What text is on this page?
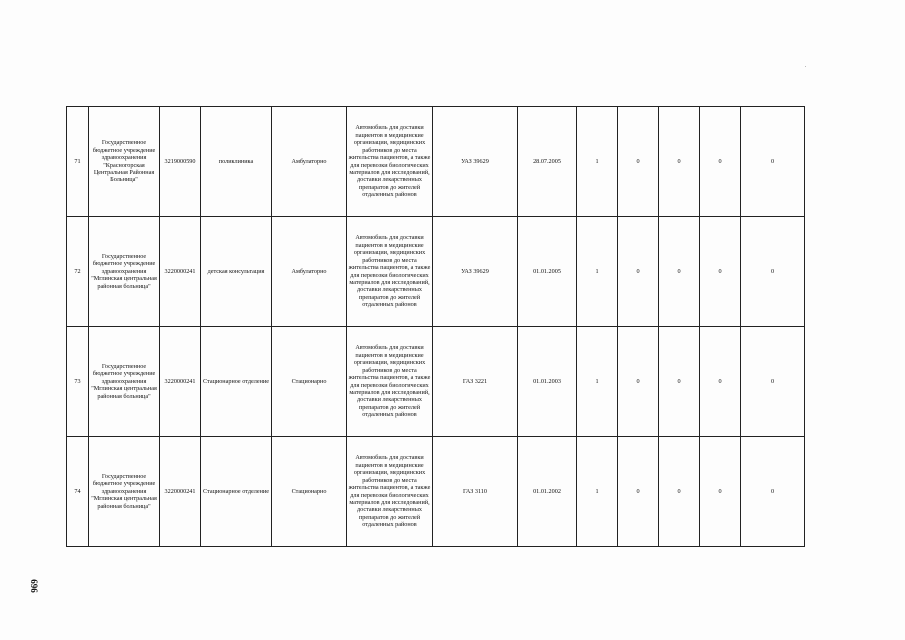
71	Государственное бюджетное учреждение здравоохранения "Красногорская Центральная Районная Больница"	3219000590	поликлиника	Амбулаторно	Автомобиль для доставки пациентов в медицинские организации, медицинских работников до места жительства пациентов, а также для перевозки биологических материалов для исследований, доставки лекарственных препаратов до жителей отдаленных районов	УАЗ 39629	28.07.2005	1	0	0	0	0
72	Государственное бюджетное учреждение здравоохранения "Мглинская центральная районная больница"	3220000241	детская консультация	Амбулаторно	Автомобиль для доставки пациентов в медицинские организации, медицинских работников до места жительства пациентов, а также для перевозки биологических материалов для исследований, доставки лекарственных препаратов до жителей отдаленных районов	УАЗ 39629	01.01.2005	1	0	0	0	0
73	Государственное бюджетное учреждение здравоохранения "Мглинская центральная районная больница"	3220000241	Стационарное отделение	Стационарно	Автомобиль для доставки пациентов в медицинские организации, медицинских работников до места жительства пациентов, а также для перевозки биологических материалов для исследований, доставки лекарственных препаратов до жителей отдаленных районов	ГАЗ 3221	01.01.2003	1	0	0	0	0
74	Государственное бюджетное учреждение здравоохранения "Мглинская центральная районная больница"	3220000241	Стационарное отделение	Стационарно	Автомобиль для доставки пациентов в медицинские организации, медицинских работников до места жительства пациентов, а также для перевозки биологических материалов для исследований, доставки лекарственных препаратов до жителей отдаленных районов	ГАЗ 3110	01.01.2002	1	0	0	0	0
696
